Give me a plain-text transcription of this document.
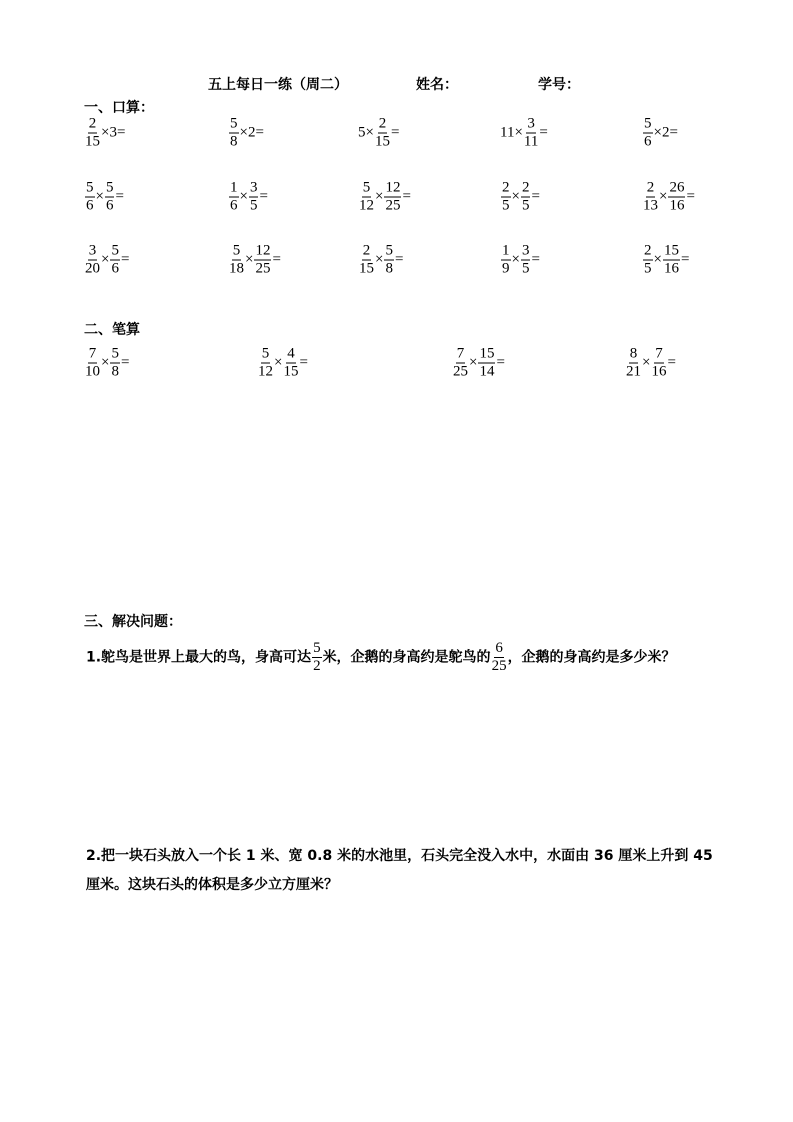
五上每日一练（周二）	姓名：	学号：
一、口算：
$\frac{2}{15} \times 3=$	$\frac{5}{8} \times 2=$	$5\times \frac{2}{15}$ =	$11\times \frac{3}{11}$ =	$\frac{5}{6} \times 2=$
$\frac{5}{6} \times \frac{5}{6}$ =	$\frac{1}{6} \times \frac{3}{5}$ =	$\frac{5}{12} \times \frac{12}{25}$ =	$\frac{2}{5} \times \frac{2}{5}$ =	$\frac{2}{13} \times \frac{26}{16}$ =
$\frac{3}{20} \times \frac{5}{6}$ =	$\frac{5}{18} \times \frac{12}{25}$ =	$\frac{2}{15} \times \frac{5}{8}$ =	$\frac{1}{9} \times \frac{3}{5}$ =	$\frac{2}{5} \times \frac{15}{16}$ =
二、笔算
$\frac{7}{10} \times \frac{5}{8}$ =	$\frac{5}{12} \times \frac{4}{15}$ =	$\frac{7}{25} \times \frac{15}{14}$ =	$\frac{8}{21} \times \frac{7}{16}$ =
三、解决问题：
1.鸵鸟是世界上最大的鸟，身高可达 $\frac{5}{2}$ 米，企鹅的身高约是鸵鸟的 $\frac{6}{25}$ ，企鹅的身高约是多少米？
2.把一块石头放入一个长 1 米、宽 0.8 米的水池里，石头完全没入水中，水面由 36 厘米上升到 45 厘米。这块石头的体积是多少立方厘米？
